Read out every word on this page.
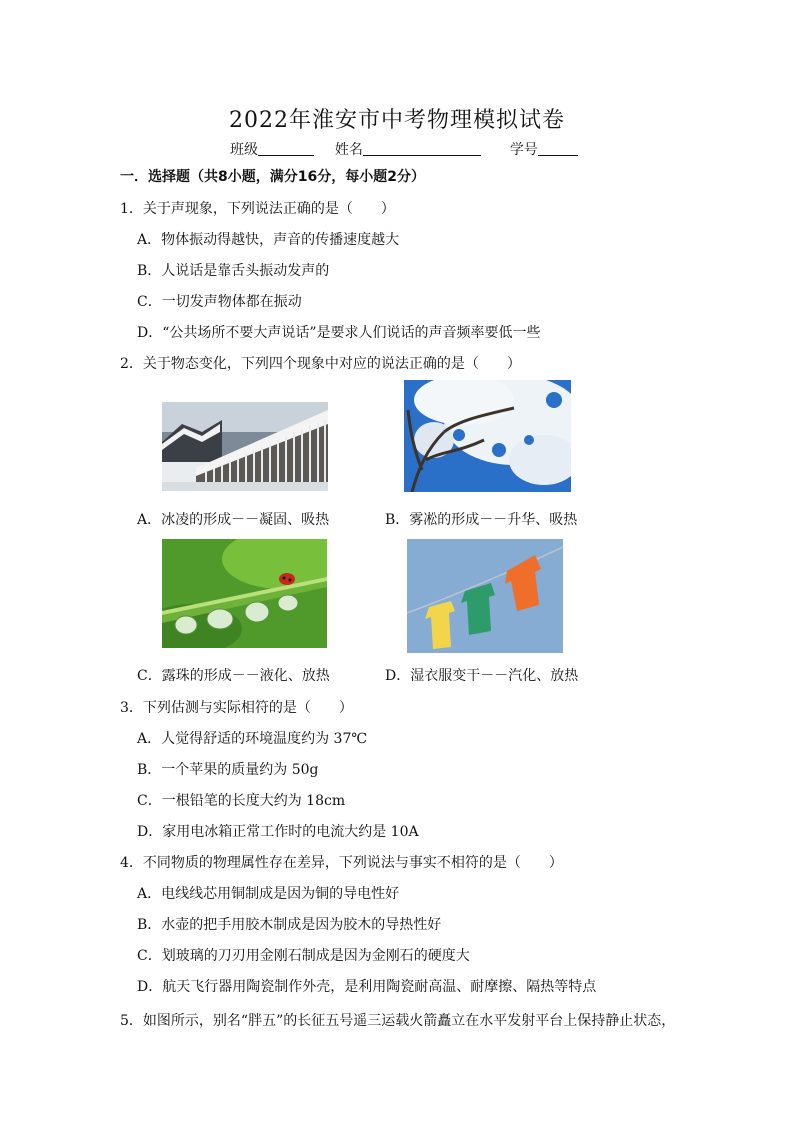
2022年淮安市中考物理模拟试卷
班级	姓名	学号
一．选择题（共8小题，满分16分，每小题2分）
1．关于声现象，下列说法正确的是（　　）
A．物体振动得越快，声音的传播速度越大
B．人说话是靠舌头振动发声的
C．一切发声物体都在振动
D．“公共场所不要大声说话”是要求人们说话的声音频率要低一些
2．关于物态变化，下列四个现象中对应的说法正确的是（　　）
A．冰凌的形成－－凝固、吸热	B．雾凇的形成－－升华、吸热
C．露珠的形成－－液化、放热	D．湿衣服变干－－汽化、放热
3．下列估测与实际相符的是（　　）
A．人觉得舒适的环境温度约为 37℃
B．一个苹果的质量约为 50g
C．一根铅笔的长度大约为 18cm
D．家用电冰箱正常工作时的电流大约是 10A
4．不同物质的物理属性存在差异，下列说法与事实不相符的是（　　）
A．电线线芯用铜制成是因为铜的导电性好
B．水壶的把手用胶木制成是因为胶木的导热性好
C．划玻璃的刀刃用金刚石制成是因为金刚石的硬度大
D．航天飞行器用陶瓷制作外壳，是利用陶瓷耐高温、耐摩擦、隔热等特点
5．如图所示，别名“胖五”的长征五号遥三运载火箭矗立在水平发射平台上保持静止状态，
